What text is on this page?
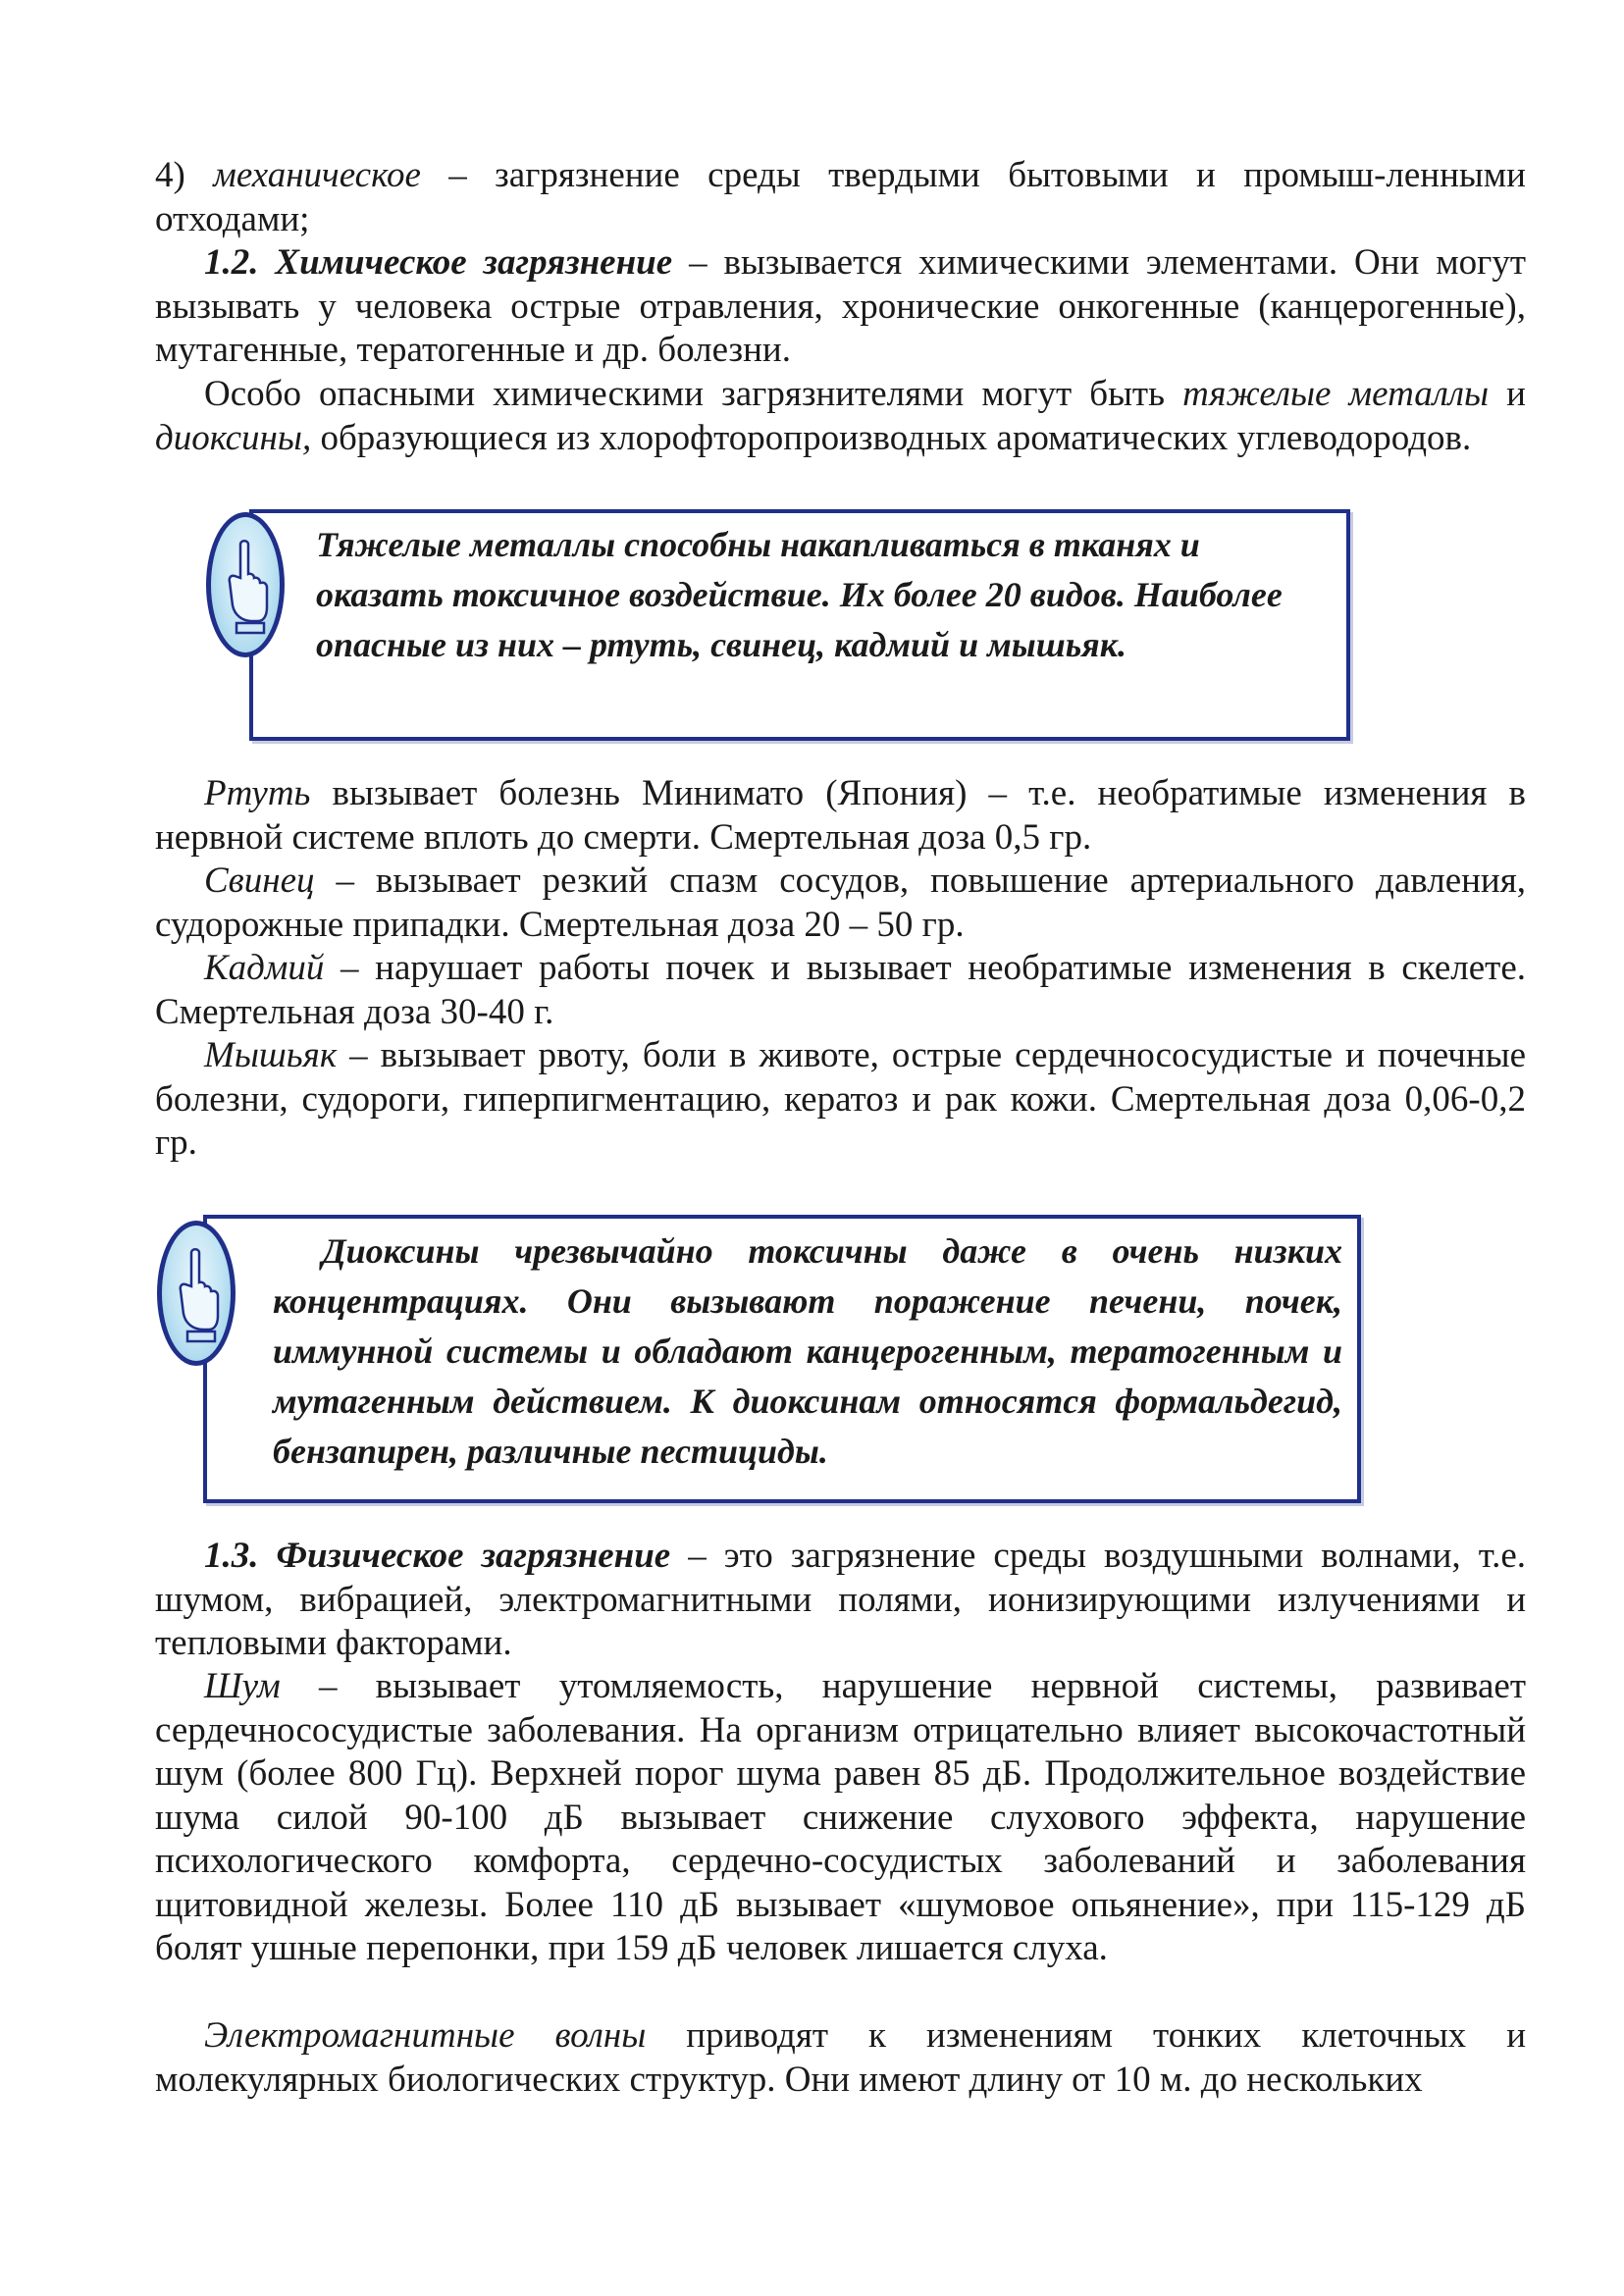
4) механическое – загрязнение среды твердыми бытовыми и промыш-ленными отходами;

1.2. Химическое загрязнение – вызывается химическими элементами. Они могут вызывать у человека острые отравления, хронические онкогенные (канцерогенные), мутагенные, тератогенные и др. болезни.

Особо опасными химическими загрязнителями могут быть тяжелые металлы и диоксины, образующиеся из хлорофторопроизводных ароматических углеводородов.

Тяжелые металлы способны накапливаться в тканях и оказать токсичное воздействие. Их более 20 видов. Наиболее опасные из них – ртуть, свинец, кадмий и мышьяк.

Ртуть вызывает болезнь Минимато (Япония) – т.е. необратимые изменения в нервной системе вплоть до смерти. Смертельная доза 0,5 гр.

Свинец – вызывает резкий спазм сосудов, повышение артериального давления, судорожные припадки. Смертельная доза 20 – 50 гр.

Кадмий – нарушает работы почек и вызывает необратимые изменения в скелете. Смертельная доза 30-40 г.

Мышьяк – вызывает рвоту, боли в животе, острые сердечнососудистые и почечные болезни, судороги, гиперпигментацию, кератоз и рак кожи. Смертельная доза 0,06-0,2 гр.

Диоксины чрезвычайно токсичны даже в очень низких концентрациях. Они вызывают поражение печени, почек, иммунной системы и обладают канцерогенным, тератогенным и мутагенным действием. К диоксинам относятся формальдегид, бензапирен, различные пестициды.

1.3. Физическое загрязнение – это загрязнение среды воздушными волнами, т.е. шумом, вибрацией, электромагнитными полями, ионизирующими излучениями и тепловыми факторами.

Шум – вызывает утомляемость, нарушение нервной системы, развивает сердечнососудистые заболевания. На организм отрицательно влияет высокочастотный шум (более 800 Гц). Верхней порог шума равен 85 дБ. Продолжительное воздействие шума силой 90-100 дБ вызывает снижение слухового эффекта, нарушение психологического комфорта, сердечно-сосудистых заболеваний и заболевания щитовидной железы. Более 110 дБ вызывает «шумовое опьянение», при 115-129 дБ болят ушные перепонки, при 159 дБ человек лишается слуха.

Электромагнитные волны приводят к изменениям тонких клеточных и молекулярных биологических структур. Они имеют длину от 10 м. до нескольких
